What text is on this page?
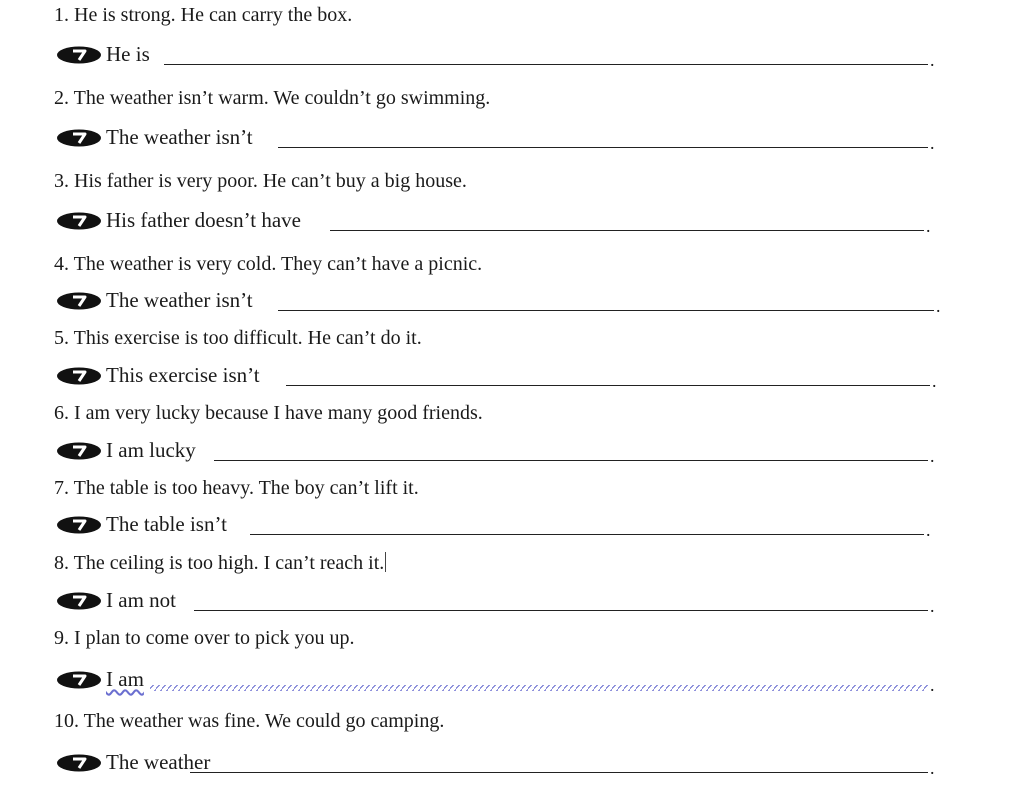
1. He is strong. He can carry the box.
He is	.
2. The weather isn’t warm. We couldn’t go swimming.
The weather isn’t	.
3. His father is very poor. He can’t buy a big house.
His father doesn’t have	.
4. The weather is very cold. They can’t have a picnic.
The weather isn’t	.
5. This exercise is too difficult. He can’t do it.
This exercise isn’t	.
6. I am very lucky because I have many good friends.
I am lucky	.
7. The table is too heavy. The boy can’t lift it.
The table isn’t	.
8. The ceiling is too high. I can’t reach it.
I am not	.
9. I plan to come over to pick you up.
I am	.
10. The weather was fine. We could go camping.
The weather	.
